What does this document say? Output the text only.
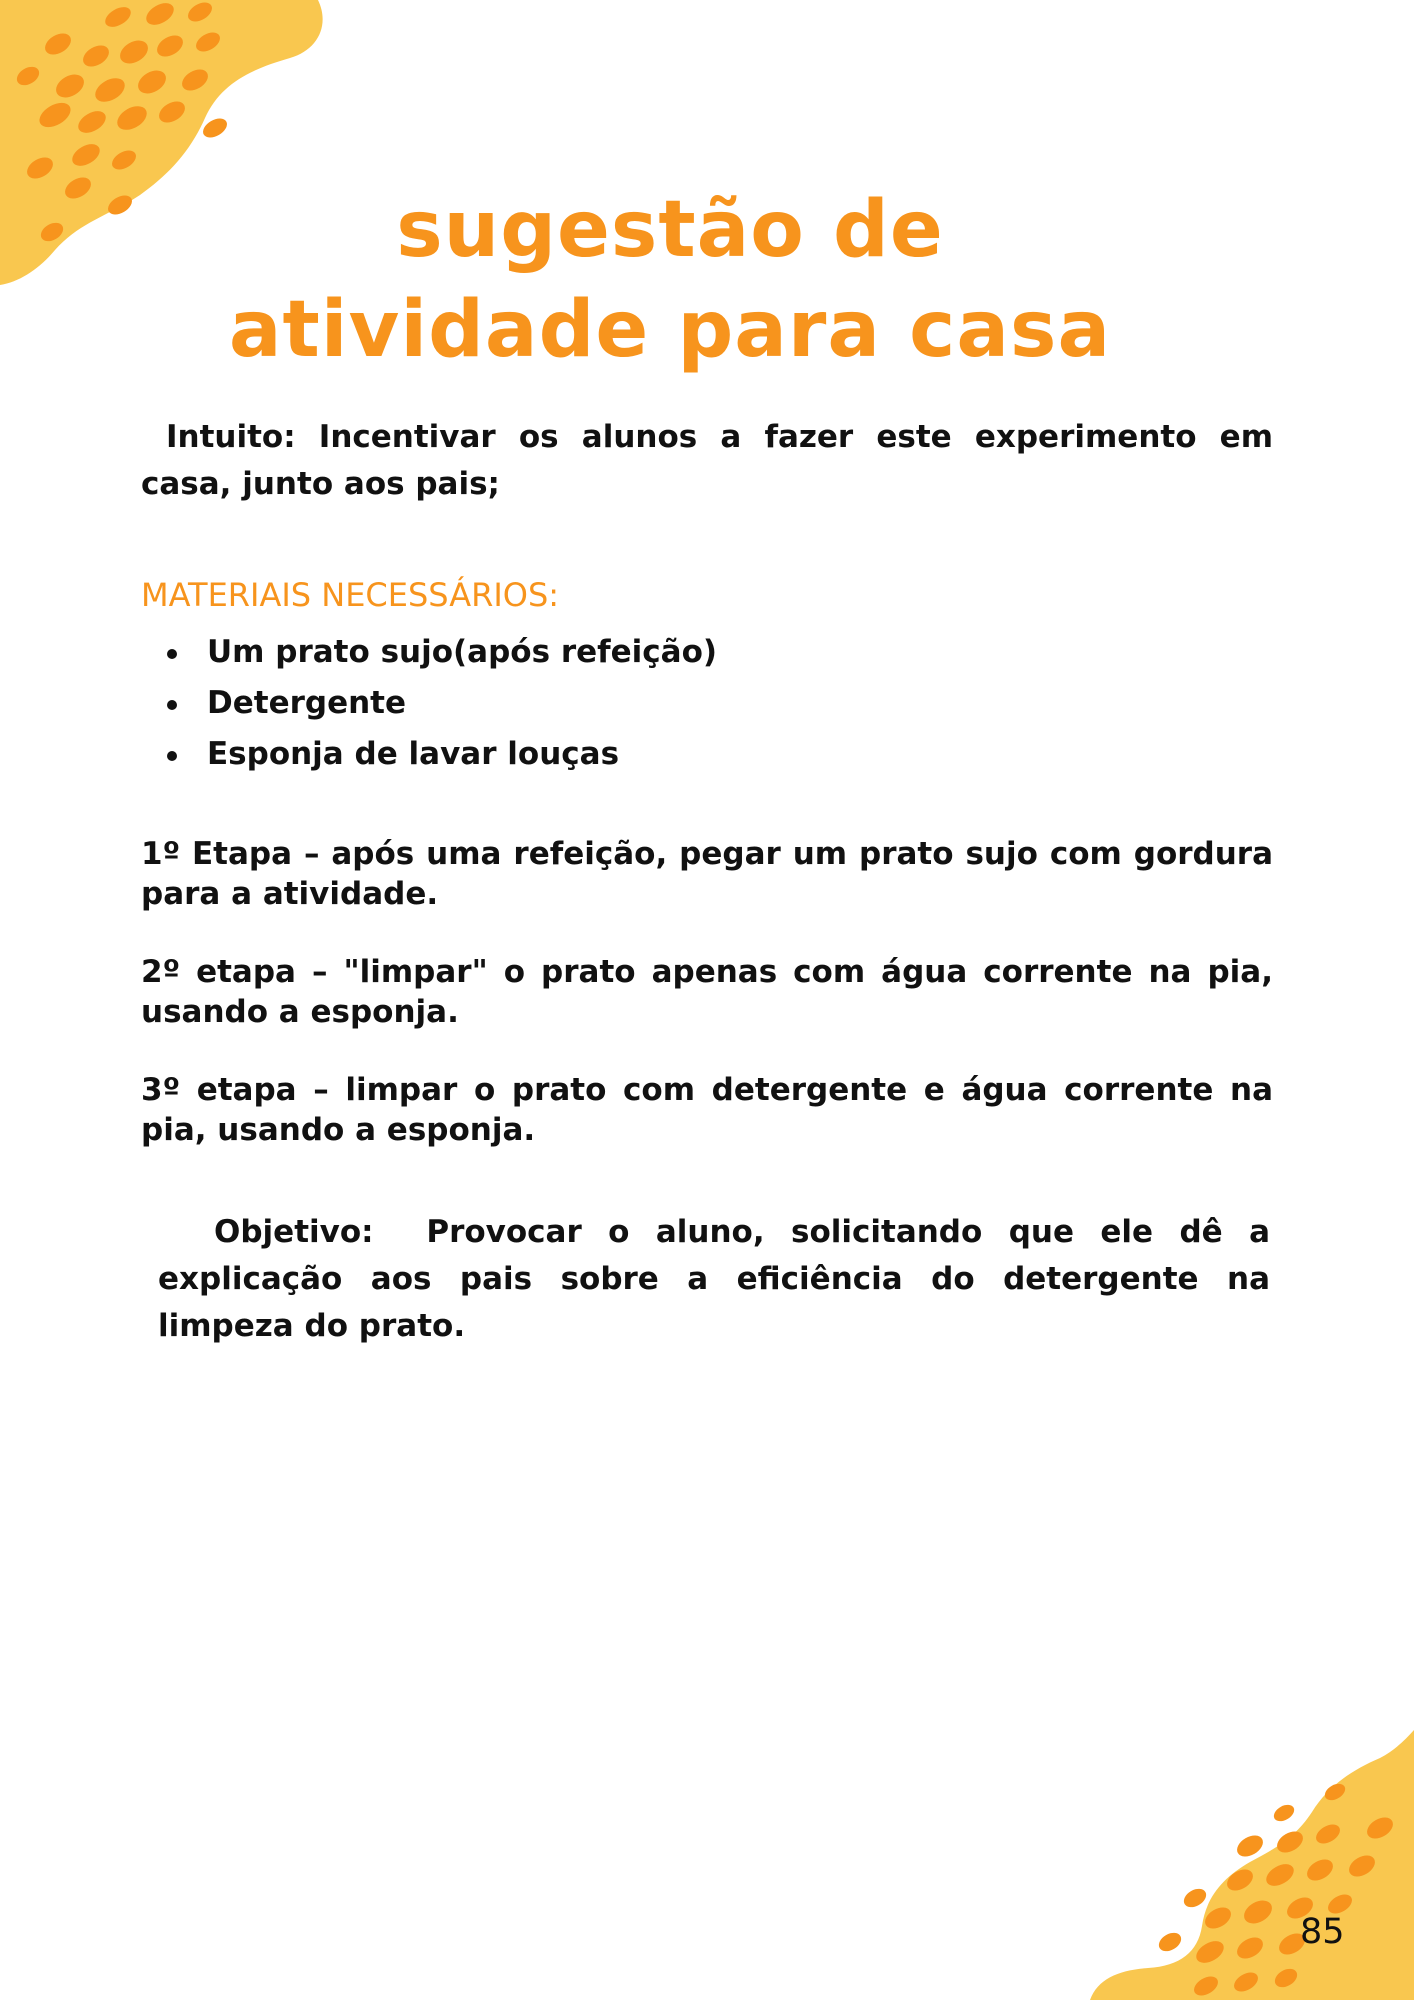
sugestão de
atividade para casa

Intuito: Incentivar os alunos a fazer este experimento em casa, junto aos pais;

MATERIAIS NECESSÁRIOS:
Um prato sujo(após refeição)
Detergente
Esponja de lavar louças

1º Etapa – após uma refeição, pegar um prato sujo com gordura para a atividade.

2º etapa – "limpar" o prato apenas com água corrente na pia, usando a esponja.

3º etapa – limpar o prato com detergente e água corrente na pia, usando a esponja.

Objetivo:  Provocar o aluno, solicitando que ele dê a explicação aos pais sobre a eficiência do detergente na limpeza do prato.

85
